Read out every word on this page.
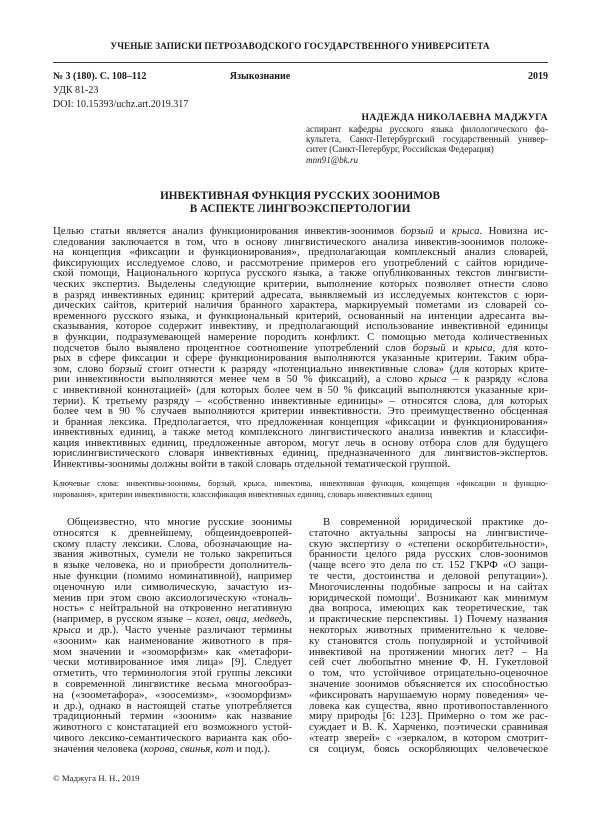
УЧЕНЫЕ ЗАПИСКИ ПЕТРОЗАВОДСКОГО ГОСУДАРСТВЕННОГО УНИВЕРСИТЕТА
№ 3 (180). С. 108–112	Языкознание	2019
УДК 81-23
DOI: 10.15393/uchz.art.2019.317
НАДЕЖДА НИКОЛАЕВНА МАДЖУГА
аспирант кафедры русского языка филологического фа-
культета, Санкт-Петербургский государственный универ-
ситет (Санкт-Петербург, Российская Федерация)
mnn91@bk.ru
ИНВЕКТИВНАЯ ФУНКЦИЯ РУССКИХ ЗООНИМОВ
В АСПЕКТЕ ЛИНГВОЭКСПЕРТОЛОГИИ
Целью статьи является анализ функционирования инвектив-зоонимов борзый и крыса. Новизна ис-
следования заключается в том, что в основу лингвистического анализа инвектив-зоонимов положе-
на концепция «фиксации и функционирования», предполагающая комплексный анализ словарей,
фиксирующих исследуемое слово, и рассмотрение примеров его употреблений с сайтов юридиче-
ской помощи, Национального корпуса русского языка, а также опубликованных текстов лингвисти-
ческих экспертиз. Выделены следующие критерии, выполнение которых позволяет отнести слово
в разряд инвективных единиц: критерий адресата, выявляемый из исследуемых контекстов с юри-
дических сайтов, критерий наличия бранного характера, маркируемый пометами из словарей со-
временного русского языка, и функциональный критерий, основанный на интенции адресанта вы-
сказывания, которое содержит инвективу, и предполагающий использование инвективной единицы
в функции, подразумевающей намерение породить конфликт. С помощью метода количественных
подсчетов было выявлено процентное соотношение употреблений слов борзый и крыса, для кото-
рых в сфере фиксации и сфере функционирования выполняются указанные критерии. Таким обра-
зом, слово борзый стоит отнести к разряду «потенциально инвективные слова» (для которых крите-
рии инвективности выполняются менее чем в 50 % фиксаций), а слово крыса – к разряду «слова
с инвективной коннотацией» (для которых более чем в 50 % фиксаций выполняются указанные кри-
терии). К третьему разряду – «собственно инвективные единицы» – относятся слова, для которых
более чем в 90 % случаев выполняются критерии инвективности. Это преимущественно обсценная
и бранная лексика. Предполагается, что предложенная концепция «фиксации и функционирования»
инвективных единиц, а также метод комплексного лингвистического анализа инвектив и классифи-
кация инвективных единиц, предложенные автором, могут лечь в основу отбора слов для будущего
юрислингвистического словаря инвективных единиц, предназначенного для лингвистов-экспертов.
Инвективы-зоонимы должны войти в такой словарь отдельной тематической группой.
Ключевые слова: инвективы-зоонимы, борзый, крыса, инвектива, инвективная функция, концепция «фиксации и функцио-
нирования», критерии инвективности, классификация инвективных единиц, словарь инвективных единиц
Общеизвестно, что многие русские зоонимы
относятся к древнейшему, общеиндоевропей-
скому пласту лексики. Слова, обозначающие на-
звания животных, сумели не только закрепиться
в языке человека, но и приобрести дополнитель-
ные функции (помимо номинативной), например
оценочную или символическую, зачастую из-
менив при этом свою аксиологическую «тональ-
ность» с нейтральной на откровенно негативную
(например, в русском языке – козел, овца, медведь,
крыса и др.). Часто ученые различают термины
«зооним» как наименование животного в пря-
мом значении и «зооморфизм» как «метафори-
чески мотивированное имя лица» [9]. Следует
отметить, что терминология этой группы лексики
в современной лингвистике весьма многообраз-
на («зоометафора», «зоосемизм», «зооморфизм»
и др.), однако в настоящей статье употребляется
традиционный термин «зооним» как название
животного с констатацией его возможного устой-
чивого лексико-семантического варианта как обо-
значения человека (корова, свинья, кот и под.).
В современной юридической практике до-
статочно актуальны запросы на лингвистиче-
скую экспертизу о «степени оскорбительности»,
бранности целого ряда русских слов-зоонимов
(чаще всего это дела по ст. 152 ГКРФ «О защи-
те чести, достоинства и деловой репутации»).
Многочисленны подобные запросы и на сайтах
юридической помощи$^1$. Возникают как минимум
два вопроса, имеющих как теоретические, так
и практические перспективы. 1) Почему названия
некоторых животных применительно к челове-
ку становятся столь популярной и устойчивой
инвективой на протяжении многих лет? – На
сей счет любопытно мнение Ф. Н. Гукетловой
о том, что устойчивое отрицательно-оценочное
значение зоонимов объясняется их способностью
«фиксировать нарушаемую норму поведения» че-
ловека как существа, явно противопоставленного
миру природы [6: 123]. Примерно о том же рас-
суждает и В. К. Харченко, поэтически сравнивая
«театр зверей» с «зеркалом, в котором смотрит-
ся социум, боясь оскорбляющих человеческое
© Маджуга Н. Н., 2019
